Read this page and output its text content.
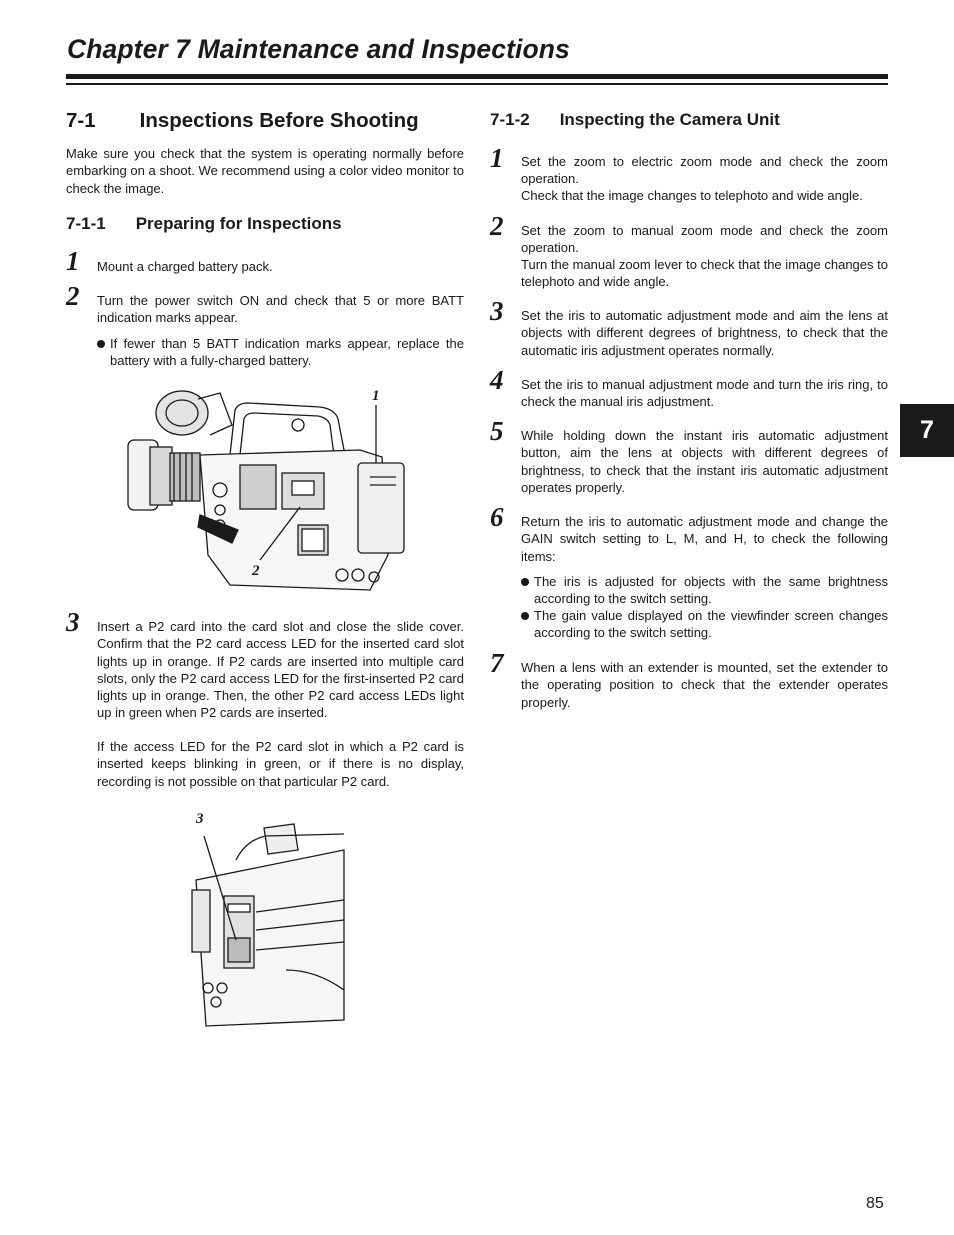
Chapter 7 Maintenance and Inspections
7-1 Inspections Before Shooting

Make sure you check that the system is operating normally before embarking on a shoot. We recommend using a color video monitor to check the image.

7-1-1 Preparing for Inspections
1 Mount a charged battery pack.

2 Turn the power switch ON and check that 5 or more BATT indication marks appear.

If fewer than 5 BATT indication marks appear, replace the battery with a fully-charged battery.
1
2
3 Insert a P2 card into the card slot and close the slide cover. Confirm that the P2 card access LED for the inserted card slot lights up in orange. If P2 cards are inserted into multiple card slots, only the P2 card access LED for the first-inserted P2 card lights up in orange. Then, the other P2 card access LEDs light up in green when P2 cards are inserted.

If the access LED for the P2 card slot in which a P2 card is inserted keeps blinking in green, or if there is no display, recording is not possible on that particular P2 card.

3
7-1-2 Inspecting the Camera Unit
1 Set the zoom to electric zoom mode and check the zoom operation.

Check that the image changes to telephoto and wide angle.

2 Set the zoom to manual zoom mode and check the zoom operation.

Turn the manual zoom lever to check that the image changes to telephoto and wide angle.

3 Set the iris to automatic adjustment mode and aim the lens at objects with different degrees of brightness, to check that the automatic iris adjustment operates normally.

4 Set the iris to manual adjustment mode and turn the iris ring, to check the manual iris adjustment.

5 While holding down the instant iris automatic adjustment button, aim the lens at objects with different degrees of brightness, to check that the instant iris automatic adjustment operates properly.

6 Return the iris to automatic adjustment mode and change the GAIN switch setting to L, M, and H, to check the following items:

The iris is adjusted for objects with the same brightness according to the switch setting.
The gain value displayed on the viewfinder screen changes according to the switch setting.
7 When a lens with an extender is mounted, set the extender to the operating position to check that the extender operates properly.

7
85
